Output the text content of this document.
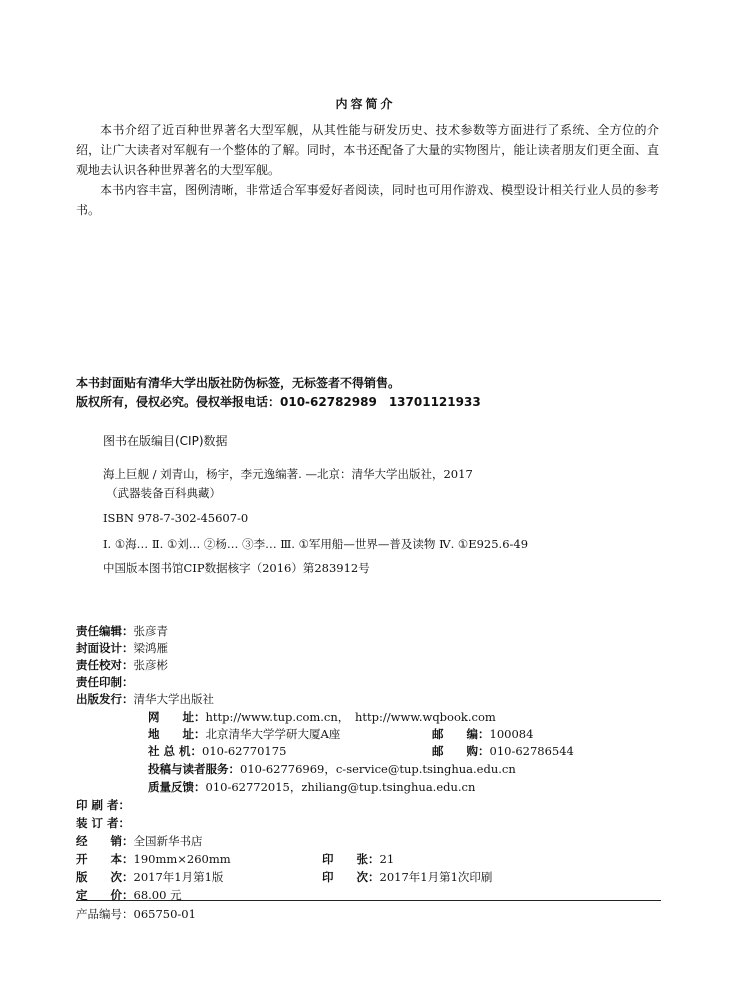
内容简介

本书介绍了近百种世界著名大型军舰，从其性能与研发历史、技术参数等方面进行了系统、全方位的介绍，让广大读者对军舰有一个整体的了解。同时，本书还配备了大量的实物图片，能让读者朋友们更全面、直观地去认识各种世界著名的大型军舰。

本书内容丰富，图例清晰，非常适合军事爱好者阅读，同时也可用作游戏、模型设计相关行业人员的参考书。

本书封面贴有清华大学出版社防伪标签，无标签者不得销售。
版权所有，侵权必究。侵权举报电话：010-62782989　13701121933
图书在版编目(CIP)数据
海上巨舰 / 刘青山，杨宇，李元逸编著. —北京：清华大学出版社，2017
（武器装备百科典藏）
ISBN 978-7-302-45607-0
Ⅰ. ①海… Ⅱ. ①刘… ②杨… ③李… Ⅲ. ①军用船—世界—普及读物 Ⅳ. ①E925.6-49
中国版本图书馆CIP数据核字（2016）第283912号
责任编辑：张彦青
封面设计：梁鸿雁
责任校对：张彦彬
责任印制：
出版发行：清华大学出版社
网　　址：http://www.tup.com.cn，　http://www.wqbook.com
地　　址：北京清华大学学研大厦A座	邮　　编：100084
社 总 机：010-62770175	邮　　购：010-62786544
投稿与读者服务：010-62776969，c-service@tup.tsinghua.edu.cn
质量反馈：010-62772015，zhiliang@tup.tsinghua.edu.cn
印 刷 者：
装 订 者：
经　　销：全国新华书店
开　　本：190mm×260mm	印　　张：21
版　　次：2017年1月第1版	印　　次：2017年1月第1次印刷
定　　价：68.00 元
产品编号：065750-01
